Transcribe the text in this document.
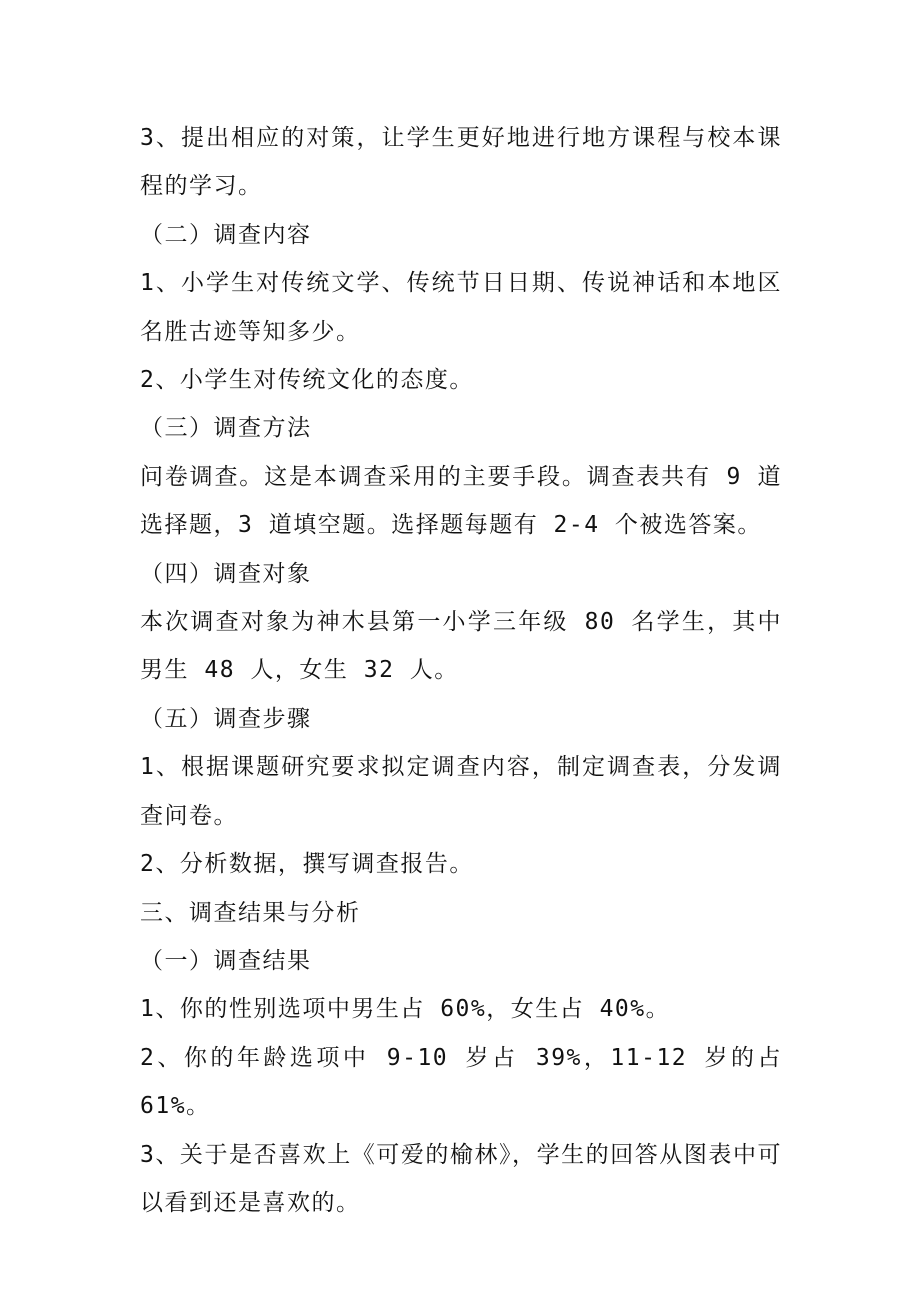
3、提出相应的对策，让学生更好地进行地方课程与校本课程的学习。

（二）调查内容

1、小学生对传统文学、传统节日日期、传说神话和本地区名胜古迹等知多少。

2、小学生对传统文化的态度。

（三）调查方法

问卷调查。这是本调查采用的主要手段。调查表共有 9 道选择题，3 道填空题。选择题每题有 2-4 个被选答案。

（四）调查对象

本次调查对象为神木县第一小学三年级 80 名学生，其中男生 48 人，女生 32 人。

（五）调查步骤

1、根据课题研究要求拟定调查内容，制定调查表，分发调查问卷。

2、分析数据，撰写调查报告。

三、调查结果与分析

（一）调查结果

1、你的性别选项中男生占 60%，女生占 40%。

2、你的年龄选项中 9-10 岁占 39%，11-12 岁的占 61%。

3、关于是否喜欢上《可爱的榆林》，学生的回答从图表中可以看到还是喜欢的。
